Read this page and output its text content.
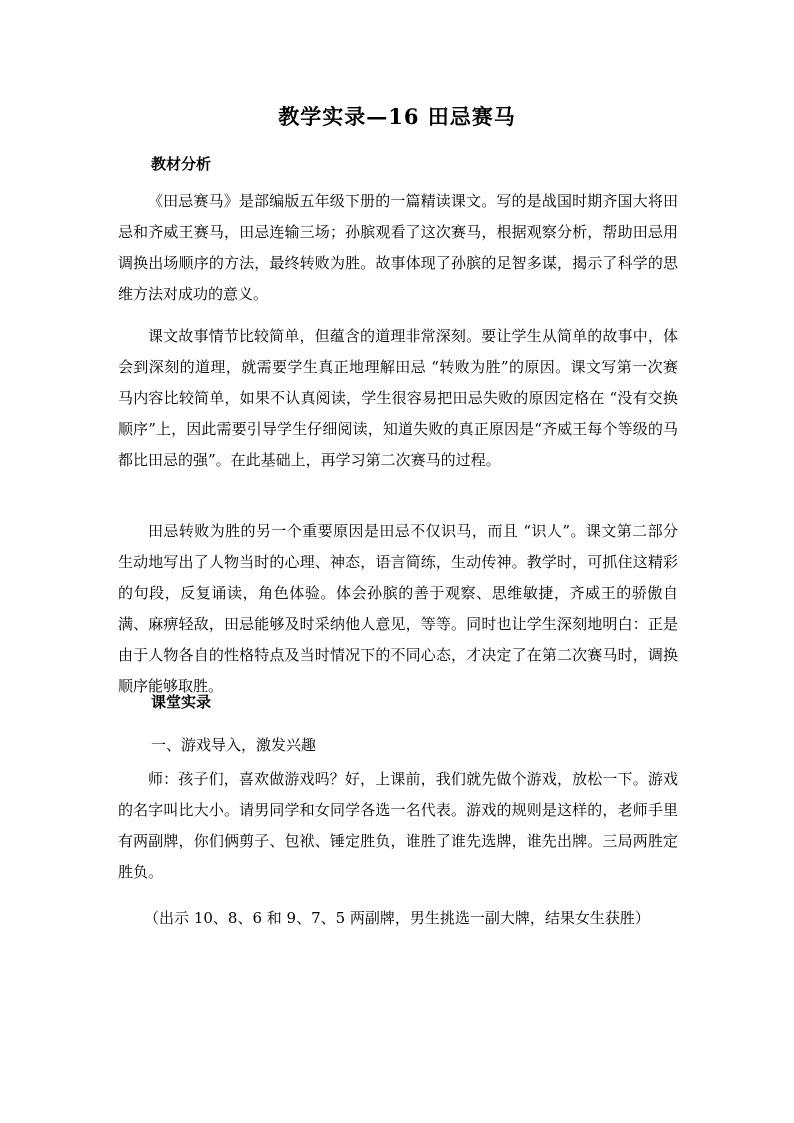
教学实录—16 田忌赛马
教材分析

《田忌赛马》是部编版五年级下册的一篇精读课文。写的是战国时期齐国大将田忌和齐威王赛马，田忌连输三场；孙膑观看了这次赛马，根据观察分析，帮助田忌用调换出场顺序的方法，最终转败为胜。故事体现了孙膑的足智多谋，揭示了科学的思维方法对成功的意义。

课文故事情节比较简单，但蕴含的道理非常深刻。要让学生从简单的故事中，体会到深刻的道理，就需要学生真正地理解田忌 “转败为胜”的原因。课文写第一次赛马内容比较简单，如果不认真阅读，学生很容易把田忌失败的原因定格在 “没有交换顺序”上，因此需要引导学生仔细阅读，知道失败的真正原因是“齐威王每个等级的马都比田忌的强”。在此基础上，再学习第二次赛马的过程。

田忌转败为胜的另一个重要原因是田忌不仅识马，而且 “识人”。课文第二部分生动地写出了人物当时的心理、神态，语言简练，生动传神。教学时，可抓住这精彩的句段，反复诵读，角色体验。体会孙膑的善于观察、思维敏捷，齐威王的骄傲自满、麻痹轻敌，田忌能够及时采纳他人意见，等等。同时也让学生深刻地明白：正是由于人物各自的性格特点及当时情况下的不同心态，才决定了在第二次赛马时，调换顺序能够取胜。

课堂实录
一、游戏导入，激发兴趣

师：孩子们，喜欢做游戏吗？好，上课前，我们就先做个游戏，放松一下。游戏的名字叫比大小。请男同学和女同学各选一名代表。游戏的规则是这样的，老师手里有两副牌，你们俩剪子、包袱、锤定胜负，谁胜了谁先选牌，谁先出牌。三局两胜定胜负。

（出示 10、8、6 和 9、7、5 两副牌，男生挑选一副大牌，结果女生获胜）
